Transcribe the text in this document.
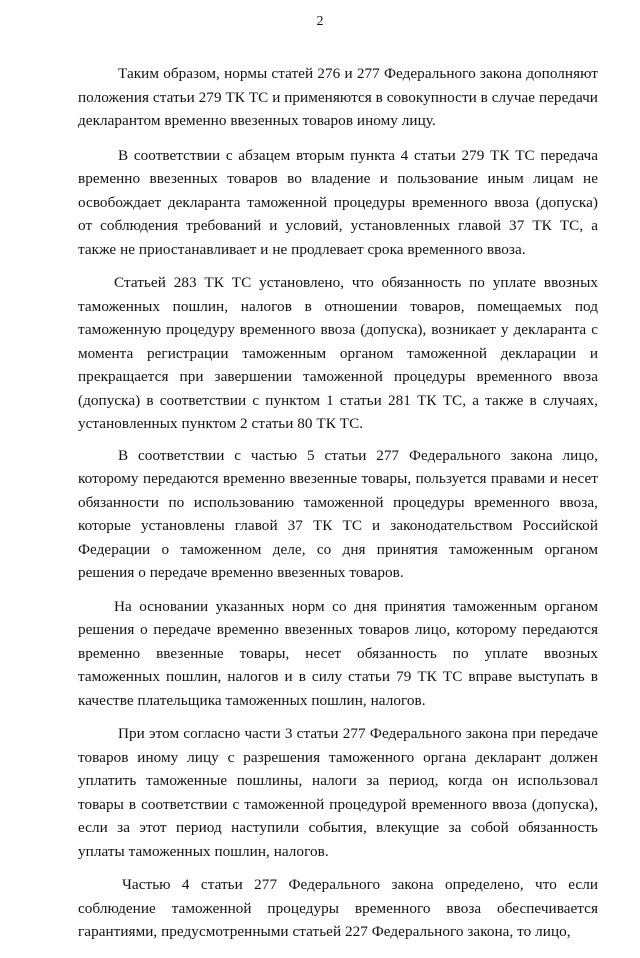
2

Таким образом, нормы статей 276 и 277 Федерального закона дополняют положения статьи 279 ТК ТС и применяются в совокупности в случае передачи декларантом временно ввезенных товаров иному лицу.

В соответствии с абзацем вторым пункта 4 статьи 279 ТК ТС передача временно ввезенных товаров во владение и пользование иным лицам не освобождает декларанта таможенной процедуры временного ввоза (допуска) от соблюдения требований и условий, установленных главой 37 ТК ТС, а также не приостанавливает и не продлевает срока временного ввоза.

Статьей 283 ТК ТС установлено, что обязанность по уплате ввозных таможенных пошлин, налогов в отношении товаров, помещаемых под таможенную процедуру временного ввоза (допуска), возникает у декларанта с момента регистрации таможенным органом таможенной декларации и прекращается при завершении таможенной процедуры временного ввоза (допуска) в соответствии с пунктом 1 статьи 281 ТК ТС, а также в случаях, установленных пунктом 2 статьи 80 ТК ТС.

В соответствии с частью 5 статьи 277 Федерального закона лицо, которому передаются временно ввезенные товары, пользуется правами и несет обязанности по использованию таможенной процедуры временного ввоза, которые установлены главой 37 ТК ТС и законодательством Российской Федерации о таможенном деле, со дня принятия таможенным органом решения о передаче временно ввезенных товаров.

На основании указанных норм со дня принятия таможенным органом решения о передаче временно ввезенных товаров лицо, которому передаются временно ввезенные товары, несет обязанность по уплате ввозных таможенных пошлин, налогов и в силу статьи 79 ТК ТС вправе выступать в качестве плательщика таможенных пошлин, налогов.

При этом согласно части 3 статьи 277 Федерального закона при передаче товаров иному лицу с разрешения таможенного органа декларант должен уплатить таможенные пошлины, налоги за период, когда он использовал товары в соответствии с таможенной процедурой временного ввоза (допуска), если за этот период наступили события, влекущие за собой обязанность уплаты таможенных пошлин, налогов.

Частью 4 статьи 277 Федерального закона определено, что если соблюдение таможенной процедуры временного ввоза обеспечивается гарантиями, предусмотренными статьей 227 Федерального закона, то лицо,
